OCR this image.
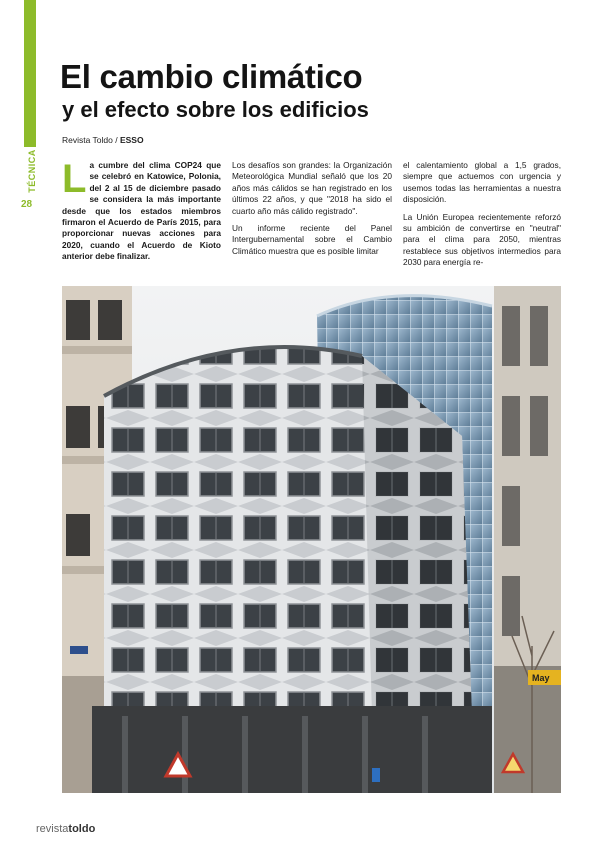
TÉCNICA
28
El cambio climático
y el efecto sobre los edificios
Revista Toldo / ESSO
La cumbre del clima COP24 que se celebró en Katowice, Polonia, del 2 al 15 de diciembre pasado se considera la más importante desde que los estados miembros firmaron el Acuerdo de París 2015, para proporcionar nuevas acciones para 2020, cuando el Acuerdo de Kioto anterior debe finalizar.

Los desafíos son grandes: la Organización Meteorológica Mundial señaló que los 20 años más cálidos se han registrado en los últimos 22 años, y que "2018 ha sido el cuarto año más cálido registrado".

Un informe reciente del Panel Intergubernamental sobre el Cambio Climático muestra que es posible limitar

el calentamiento global a 1,5 grados, siempre que actuemos con urgencia y usemos todas las herramientas a nuestra disposición.

La Unión Europea recientemente reforzó su ambición de convertirse en "neutral" para el clima para 2050, mientras restablece sus objetivos intermedios para 2030 para energía re-

May
revistatoldo
